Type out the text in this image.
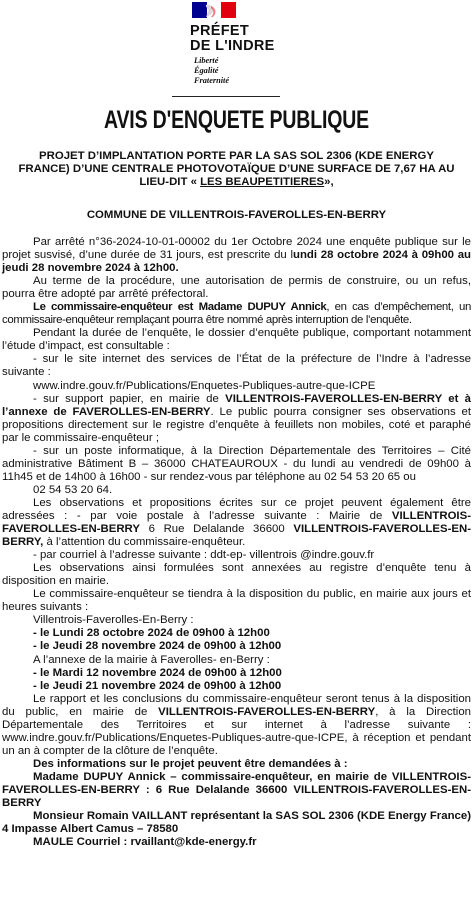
PRÉFET
DE L'INDRE
Liberté
Égalité
Fraternité
AVIS D'ENQUETE PUBLIQUE
PROJET D’IMPLANTATION PORTE PAR LA SAS SOL 2306 (KDE ENERGY
FRANCE) D’UNE CENTRALE PHOTOVOTAÏQUE D’UNE SURFACE DE 7,67 HA AU
LIEU-DIT « LES BEAUPETITIERES»,
COMMUNE DE VILLENTROIS-FAVEROLLES-EN-BERRY

Par arrêté n°36-2024-10-01-00002 du 1er Octobre 2024 une enquête publique sur le projet susvisé, d’une durée de 31 jours, est prescrite du lundi 28 octobre 2024 à 09h00 au jeudi 28 novembre 2024 à 12h00.

Au terme de la procédure, une autorisation de permis de construire, ou un refus, pourra être adopté par arrêté préfectoral.

Le commissaire-enquêteur est Madame DUPUY Annick, en cas d’empêchement, un commissaire-enquêteur remplaçant pourra être nommé après interruption de l’enquête.

Pendant la durée de l’enquête, le dossier d’enquête publique, comportant notamment l’étude d’impact, est consultable :

- sur le site internet des services de l’État de la préfecture de l’Indre à l’adresse suivante :

www.indre.gouv.fr/Publications/Enquetes-Publiques-autre-que-ICPE

- sur support papier, en mairie de VILLENTROIS-FAVEROLLES-EN-BERRY et à l’annexe de FAVEROLLES-EN-BERRY. Le public pourra consigner ses observations et propositions directement sur le registre d’enquête à feuillets non mobiles, coté et paraphé par le commissaire-enquêteur ;

- sur un poste informatique, à la Direction Départementale des Territoires – Cité administrative Bâtiment B – 36000 CHATEAUROUX - du lundi au vendredi de 09h00 à 11h45 et de 14h00 à 16h00 - sur rendez-vous par téléphone au 02 54 53 20 65 ou

02 54 53 20 64.

Les observations et propositions écrites sur ce projet peuvent également être adressées : - par voie postale à l’adresse suivante : Mairie de VILLENTROIS-FAVEROLLES-EN-BERRY 6 Rue Delalande 36600 VILLENTROIS-FAVEROLLES-EN-BERRY, à l’attention du commissaire-enquêteur.

- par courriel à l’adresse suivante : ddt-ep- villentrois @indre.gouv.fr

Les observations ainsi formulées sont annexées au registre d’enquête tenu à disposition en mairie.

Le commissaire-enquêteur se tiendra à la disposition du public, en mairie aux jours et heures suivants :

Villentrois-Faverolles-En-Berry :

- le Lundi 28 octobre 2024 de 09h00 à 12h00

- le Jeudi 28 novembre 2024 de 09h00 à 12h00

A l’annexe de la mairie à Faverolles- en-Berry :

- le Mardi 12 novembre 2024 de 09h00 à 12h00

- le Jeudi 21 novembre 2024 de 09h00 à 12h00

Le rapport et les conclusions du commissaire-enquêteur seront tenus à la disposition du public, en mairie de VILLENTROIS-FAVEROLLES-EN-BERRY, à la Direction Départementale des Territoires et sur internet à l’adresse suivante : www.indre.gouv.fr/Publications/Enquetes-Publiques-autre-que-ICPE, à réception et pendant un an à compter de la clôture de l’enquête.

Des informations sur le projet peuvent être demandées à :

Madame DUPUY Annick – commissaire-enquêteur, en mairie de VILLENTROIS-FAVEROLLES-EN-BERRY : 6 Rue Delalande 36600 VILLENTROIS-FAVEROLLES-EN-BERRY

Monsieur Romain VAILLANT représentant la SAS SOL 2306 (KDE Energy France) 4 Impasse Albert Camus – 78580

MAULE Courriel : rvaillant@kde-energy.fr
